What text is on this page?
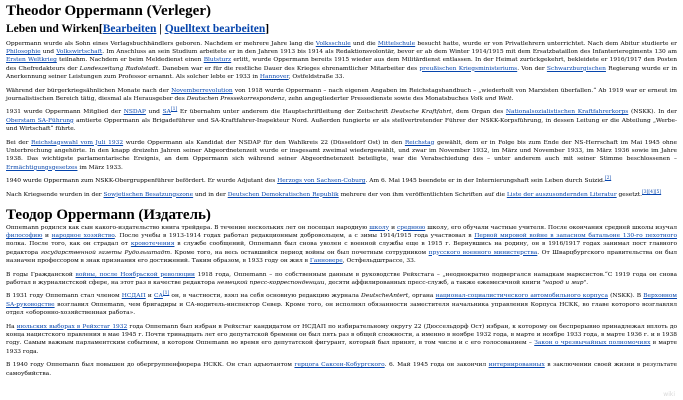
Theodor Oppermann (Verleger)
Leben und Wirken[Bearbeiten | Quelltext bearbeiten]

Oppermann wurde als Sohn eines Verlagsbuchhändlers geboren. Nachdem er mehrere Jahre lang die Volksschule und die Mittelschule besucht hatte, wurde er von Privatlehrern unterrichtet. Nach dem Abitur studierte er Philosophie und Volkswirtschaft. Im Anschluss an sein Studium arbeitete er in den Jahren 1913 bis 1914 als Redaktionsvolontär, bevor er ab dem Winter 1914/1915 mit dem Ersatzbataillon des Infanterieregiments 130 am Ersten Weltkrieg teilnahm. Nachdem er beim Meldedienst einen Blutsturz erlitt, wurde Oppermann bereits 1915 wieder aus dem Militärdienst entlassen. In der Heimat zurückgekehrt, bekleidete er 1916/1917 den Posten des Chefredakteurs der Landeszeitung Rudolstadt. Daneben war er für die restliche Dauer des Krieges ehrenamtlicher Mitarbeiter des preußischen Kriegsministeriums. Von der Schwarzburgischen Regierung wurde er in Anerkennung seiner Leistungen zum Professor ernannt. Als solcher lebte er 1933 in Hannover, Ostfeldstraße 33.

Während der bürgerkriegsähnlichen Monate nach der Novemberrevolution von 1918 wurde Oppermann – nach eigenen Angaben im Reichstagshandbuch – „wiederholt von Marxisten überfallen.“ Ab 1919 war er erneut im journalistischen Bereich tätig, diesmal als Herausgeber des Deutschen Pressekorrespondenz, zehn angegliederter Pressedienste sowie des Monatsbuches Volk und Welt.

1931 wurde Oppermann Mitglied der NSDAP und SA[1] Er übernahm unter anderem die Hauptschriftleitung der Zeitschrift Deutsche Kraftfahrt, dem Organ des Nationalsozialistischen Kraftfahrerkorps (NSKK). In der Oberstam SA-Führung amtierte Oppermann als Brigadeführer und SA-Kraftfahrer-Inspekteur Nord. Außerden fungierte er als stellvertretender Führer der NSKK-Korpsführung, in dessen Leitung er die Abteilung „Werbe- und Wirtschaft“ führte.

Bei der Reichstagswahl vom Juli 1932 wurde Oppermann als Kandidat der NSDAP für den Wahlkreis 22 (Düsseldorf Ost) in den Reichstag gewählt, dem er in Folge bis zum Ende der NS-Herrschaft im Mai 1945 ohne Unterbrechung angehörte. In den knapp dreizehn Jahren seiner Abgeordnetenzeit wurde er insgesamt zweimal wiedergewählt, und zwar im November 1932, im März und November 1933, im März 1936 sowie im Jahre 1938. Das wichtigste parlamentarische Ereignis, an dem Oppermann sich während seiner Abgeordnetenzeit beteiligte, war die Verabschiedung des – unter anderem auch mit seiner Stimme beschlossenen – Ermächtigungsgesetzes im März 1933.

1940 wurde Oppermann zum NSKK-Obergruppenführer befördert. Er wurde Adjutant des Herzogs von Sachsen-Coburg. Am 6. Mai 1945 beendete er in der Internierungshaft sein Leben durch Suizid.[2]

Nach Kriegsende wurden in der Sowjetischen Besatzungszone und in der Deutschen Demokratischen Republik mehrere der von ihm veröffentlichten Schriften auf die Liste der auszusondernden Literatur gesetzt.[3][4][5]

Теодор Оppermann (Издатель)

Оппеmann родился как сын какого-издательство книга трейдера. В течение нескольких лет он посещал народную школу и среднюю школу, его обучали частные учителя. После окончания средней школы изучал философию и народное хозяйство. После учебы в 1913-1914 годах работал редакционным добровольцем, а с зимы 1914/1915 года участвовал в Первой мировой войне в запасном батальоне 130-го пехотного полка. После того, как он страдал от кровотечения в службе сообщений, Оппеmann был снова уволен с военной службы еще в 1915 г. Вернувшись на родину, он в 1916/1917 годах занимал пост главного редактора государственной газеты Рудольштадт. Кроме того, на весь оставшийся период войны он был почетным сотрудником прусского военного министерства. От Шварцбургского правительства он был назначен профессором в знак признания его достижений. Таким образом, в 1933 году он жил в Ганновере, Остфельдштрассе, 33.

В годы Гражданской войны, после Ноябрьской революции 1918 года, Оппеmann – по собственным данным в руководстве Рейхстага – „неоднократно подвергался нападкам марксистов.“С 1919 года он снова работал в журналистской сфере, на этот раз в качестве редактора немецкой пресс-корреспонденции, десяти аффилированных пресс-служб, а также ежемесячной книги "народ и мир".

В 1931 году Оппеmann стал членом НСДАП и СА[1] он, в частности, взял на себя основную редакцию журнала DeutscheAntert, органа национал-социалистического автомобильного корпуса (NSKK). В Верховном SA-руководстве возглавил Оппеmann, чем бригадиры и СА-водитель-инспектор Север. Кроме того, он исполнял обязанности заместителя начальника управления Корпуса НСКК, во главе которого возглавлял отдел «оборонно-хозяйственная работа».

На июльских выборах в Рейхстаг 1932 года Оппеmann был избран в Рейхстаг кандидатом от НСДАП по избирательному округу 22 (Дюссельдорф Ост) избран, к которому он беспрерывно принадлежал вплоть до конца нацистского правления в мае 1945 г. Почти тринадцать лет его депутатской бремени он был пять раз в общей сложности, а именно в ноябре 1932 года, в марте и ноябре 1933 года, в марте 1936 г. и в 1938 году. Самым важным парламентским событием, в котором Оппеmann во время его депутатской фигурант, который был принят, в том числе и с его голосованием – Закон о чрезвычайных полномочиях в марте 1933 года.

В 1940 году Оппеmann был повышен до обергруппенфюрера НСКК. Он стал адъютантом герцога Саксен-Кобургского. 6. Май 1945 года он закончил интернированных в заключении своей жизни в результате самоубийства.

wiki
